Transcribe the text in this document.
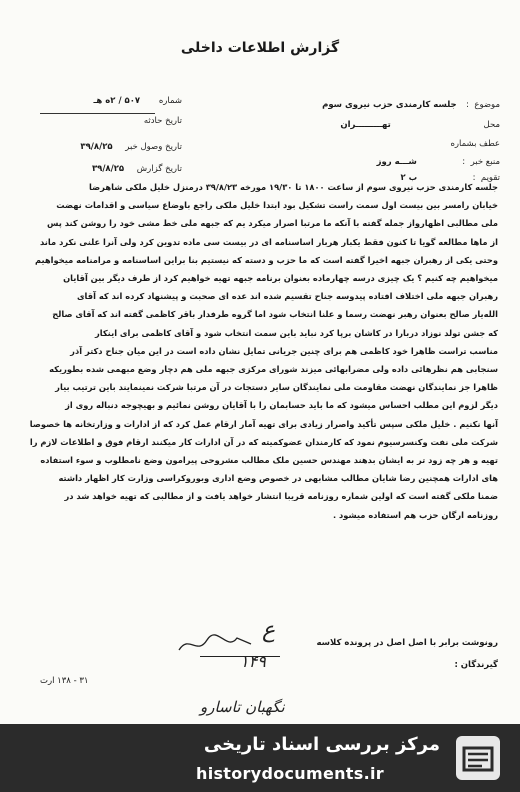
گزارش اطلاعات داخلی
موضوع  :  جلسه کارمندی حزب نیروی سوم
محل تهـــــــــران
عطف بشماره
منبع خبر  :  شـــه روز
تقویم  :  ب ۲
شماره ۵۰۷ / ۲ه هـ
تاریخ حادثه
تاریخ وصول خبر ۳۹/۸/۲۵
تاریخ گزارش ۳۹/۸/۲۵

جلسه کارمندی حزب نیروی سوم از ساعت ۱۸۰۰ تا ۱۹/۳۰ مورخه ۳۹/۸/۲۳ درمنزل خلیل ملکی شاهرضا

خیابان رامسر بین بیست اول سمت راست تشکیل بود ابتدا خلیل ملکی راجع باوضاع سیاسی و اقدامات نهضت

ملی مطالبی اظهارواز جمله گفته با آنکه ما مرتبا اصرار میکرد یم که جبهه ملی خط مشی خود را روشن کند پس

از ماها مطالعه گویا تا کنون فقط یکبار هربار اساسنامه ای در بیست سی ماده تدوین کرد ولی آنرا علنی نکرد ماند

وحتی یکی از رهبران جبهه اخیرا گفته است که ما حزب و دسته که نیستیم بنا براین اساسنامه و مرامنامه میخواهیم

میخواهیم چه کنیم ؟ یک چیزی درسه چهارماده بعنوان برنامه جبهه تهیه خواهیم کرد از طرف دیگر بین آقایان

رهبران جبهه ملی اختلاف افتاده پیدوسه جناح تقسیم شده اند عده ای صحبت و پیشنهاد کرده اند که آقای

الله‌یار صالح بعنوان رهبر نهضت رسما و علنا انتخاب شود اما گروه طرفدار باقر کاظمی گفته اند که آقای صالح

که جشن تولد نوزاد دربارا در کاشان برپا کرد نباید باین سمت انتخاب شود و آقای کاظمی برای اینکار

مناسب تراست ظاهرا خود کاظمی هم برای چنین جریانی تمایل نشان داده است در این میان جناح دکتر آذر

سنجابی هم نظرهائی داده ولی مضرابهائی میزند شورای مرکزی جبهه ملی هم دچار وضع مبهمی شده بطوریکه

ظاهرا جز نمایندگان نهضت مقاومت ملی نمایندگان سایر دستجات در آن مرتبا شرکت نمینمایند باین ترتیب بیار

دیگر لزوم این مطلب احساس میشود که ما باید حسابمان را با آقایان روشن نمائیم و بهیچوجه دنباله روی از

آنها نکنیم . خلیل ملکی سپس تأکید واصرار زیادی برای تهیه آمار ارقام عمل کرد که از ادارات و وزارتخانه ها خصوصا

شرکت ملی نفت وکنسرسیوم نمود که کارمندان عضوکمیته که در آن ادارات کار میکنند ارقام فوق و اطلاعات لازم را

تهیه و هر چه زود تر به ایشان بدهند مهندس حسین ملک مطالب مشروحی پیرامون وضع نامطلوب و سوء استفاده

های ادارات همچنین رضا شایان مطالب مشابهی در خصوص وضع اداری وبوروکراسی وزارت کار اظهار داشته

ضمنا ملکی گفته است که اولین شماره روزنامه قریبا انتشار خواهد یافت و از مطالبی که تهیه خواهد شد در

روزنامه ارگان حزب هم استفاده میشود .

رونوشت برابر با اصل اصل در پرونده کلاسه
۱۴۹	گیرندگان :
ع
۳۱ - ۱۳۸ ارت
نگهبان تاسارو
مرکز بررسی اسناد تاریخی
historydocuments.ir
